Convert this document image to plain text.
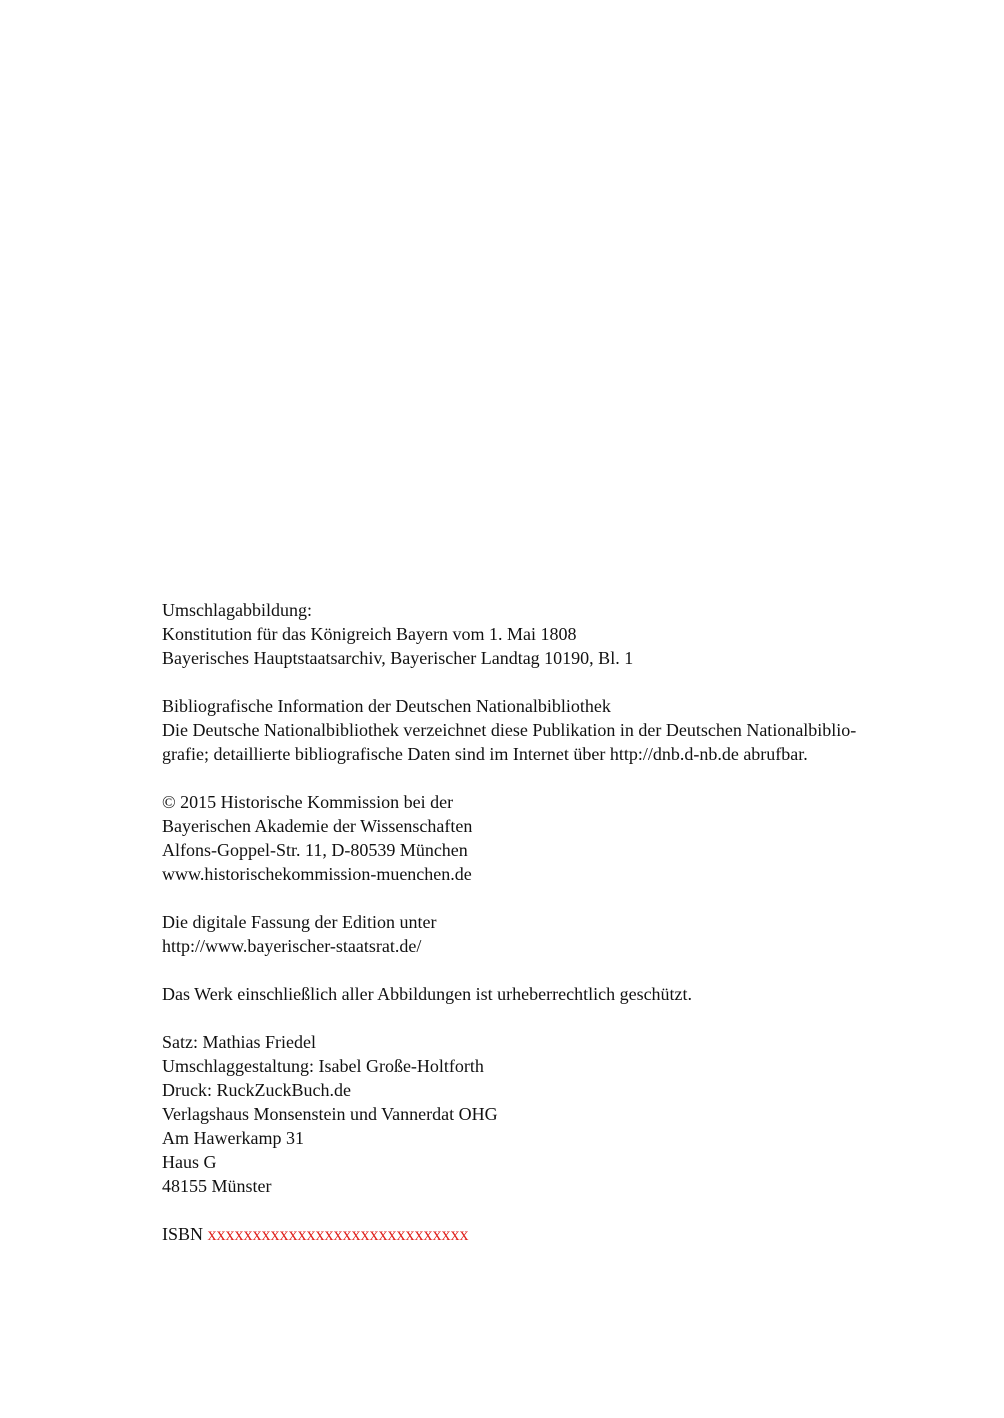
Umschlagabbildung:
Konstitution für das Königreich Bayern vom 1. Mai 1808
Bayerisches Hauptstaatsarchiv, Bayerischer Landtag 10190, Bl. 1
Bibliografische Information der Deutschen Nationalbibliothek
Die Deutsche Nationalbibliothek verzeichnet diese Publikation in der Deutschen Nationalbiblio-
grafie; detaillierte bibliografische Daten sind im Internet über http://dnb.d-nb.de abrufbar.
© 2015 Historische Kommission bei der
Bayerischen Akademie der Wissenschaften
Alfons-Goppel-Str. 11, D-80539 München
www.historischekommission-muenchen.de
Die digitale Fassung der Edition unter
http://www.bayerischer-staatsrat.de/
Das Werk einschließlich aller Abbildungen ist urheberrechtlich geschützt.
Satz: Mathias Friedel
Umschlaggestaltung: Isabel Große-Holtforth
Druck: RuckZuckBuch.de
Verlagshaus Monsenstein und Vannerdat OHG
Am Hawerkamp 31
Haus G
48155 Münster
ISBN xxxxxxxxxxxxxxxxxxxxxxxxxxxxx
